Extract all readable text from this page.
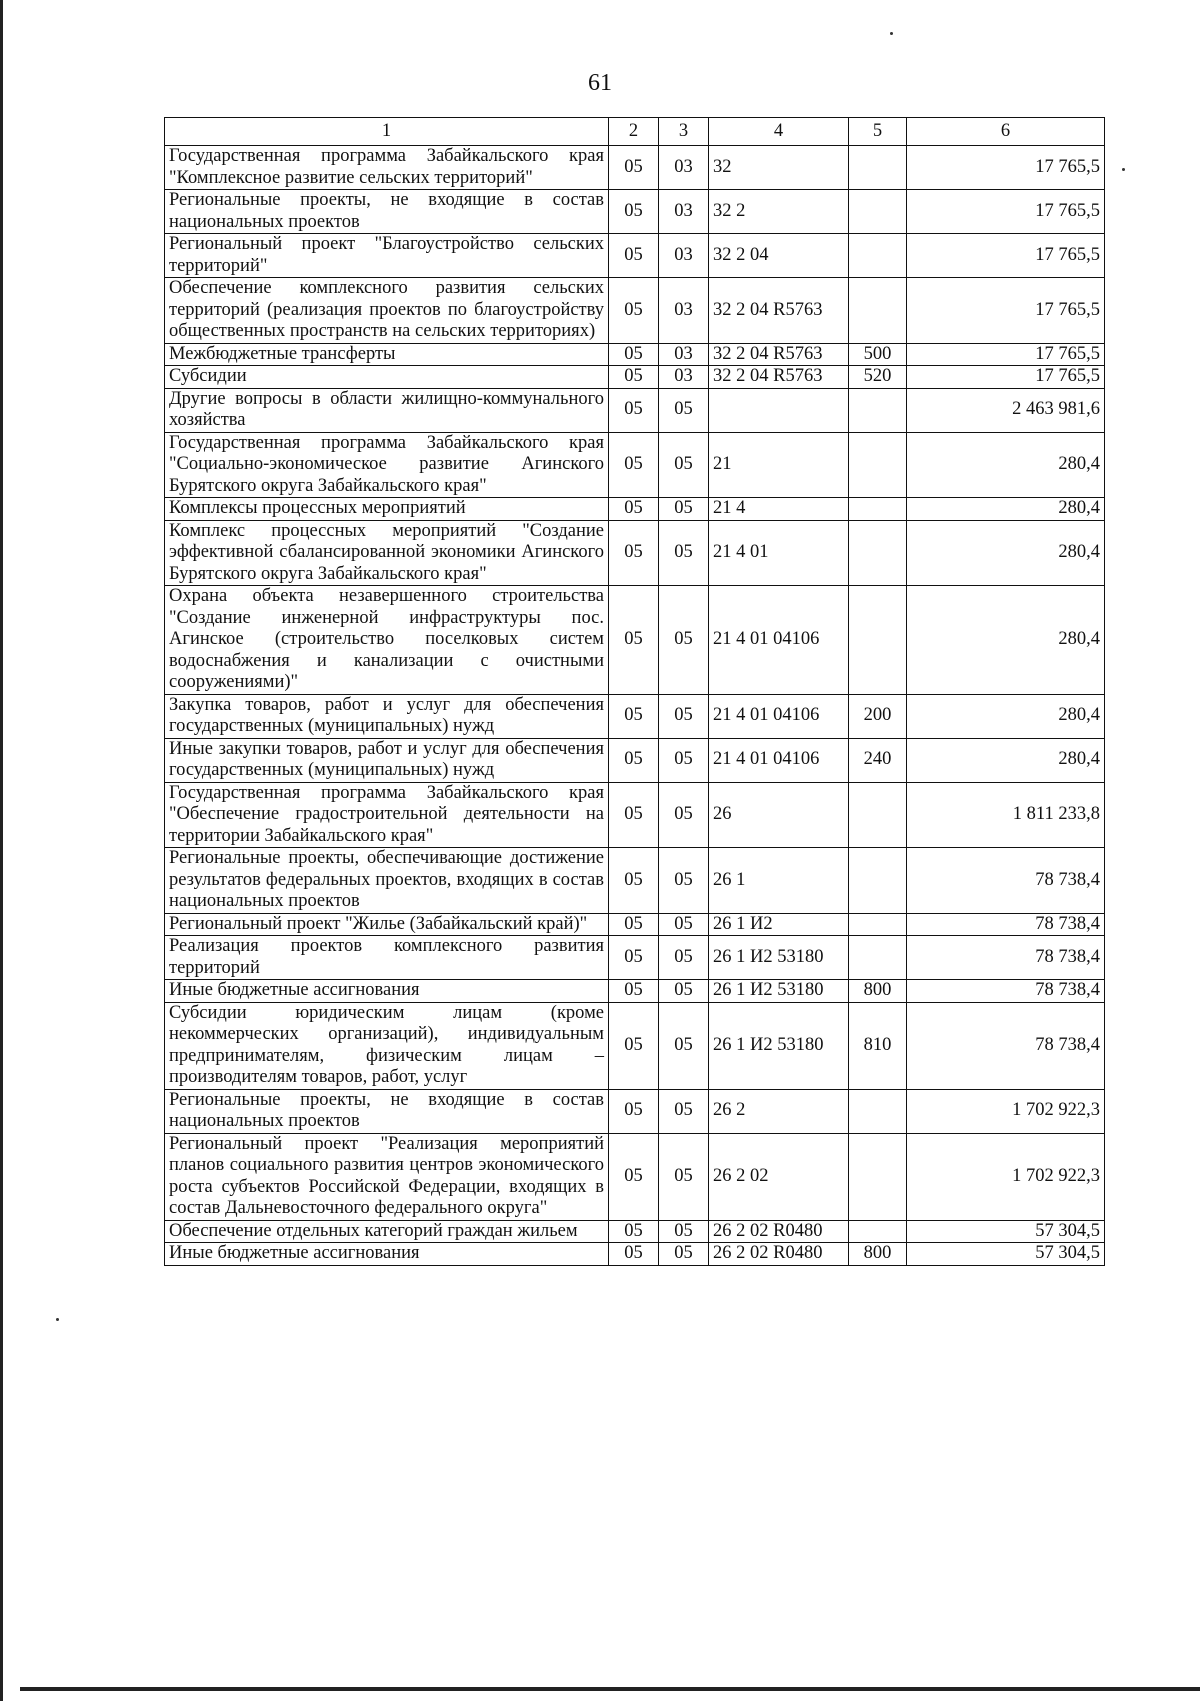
61
1	2	3	4	5	6
Государственная программа Забайкальского края "Комплексное развитие сельских территорий"	05	03	32		17 765,5
Региональные проекты, не входящие в состав национальных проектов	05	03	32 2		17 765,5
Региональный проект "Благоустройство сельских территорий"	05	03	32 2 04		17 765,5
Обеспечение комплексного развития сельских территорий (реализация проектов по благоустройству общественных пространств на сельских территориях)	05	03	32 2 04 R5763		17 765,5
Межбюджетные трансферты	05	03	32 2 04 R5763	500	17 765,5
Субсидии	05	03	32 2 04 R5763	520	17 765,5
Другие вопросы в области жилищно-коммунального хозяйства	05	05			2 463 981,6
Государственная программа Забайкальского края "Социально-экономическое развитие Агинского Бурятского округа Забайкальского края"	05	05	21		280,4
Комплексы процессных мероприятий	05	05	21 4		280,4
Комплекс процессных мероприятий "Создание эффективной сбалансированной экономики Агинского Бурятского округа Забайкальского края"	05	05	21 4 01		280,4
Охрана объекта незавершенного строительства "Создание инженерной инфраструктуры пос. Агинское (строительство поселковых систем водоснабжения и канализации с очистными сооружениями)"	05	05	21 4 01 04106		280,4
Закупка товаров, работ и услуг для обеспечения государственных (муниципальных) нужд	05	05	21 4 01 04106	200	280,4
Иные закупки товаров, работ и услуг для обеспечения государственных (муниципальных) нужд	05	05	21 4 01 04106	240	280,4
Государственная программа Забайкальского края "Обеспечение градостроительной деятельности на территории Забайкальского края"	05	05	26		1 811 233,8
Региональные проекты, обеспечивающие достижение результатов федеральных проектов, входящих в состав национальных проектов	05	05	26 1		78 738,4
Региональный проект "Жилье (Забайкальский край)"	05	05	26 1 И2		78 738,4
Реализация проектов комплексного развития территорий	05	05	26 1 И2 53180		78 738,4
Иные бюджетные ассигнования	05	05	26 1 И2 53180	800	78 738,4
Субсидии юридическим лицам (кроме некоммерческих организаций), индивидуальным предпринимателям, физическим лицам – производителям товаров, работ, услуг	05	05	26 1 И2 53180	810	78 738,4
Региональные проекты, не входящие в состав национальных проектов	05	05	26 2		1 702 922,3
Региональный проект "Реализация мероприятий планов социального развития центров экономического роста субъектов Российской Федерации, входящих в состав Дальневосточного федерального округа"	05	05	26 2 02		1 702 922,3
Обеспечение отдельных категорий граждан жильем	05	05	26 2 02 R0480		57 304,5
Иные бюджетные ассигнования	05	05	26 2 02 R0480	800	57 304,5
